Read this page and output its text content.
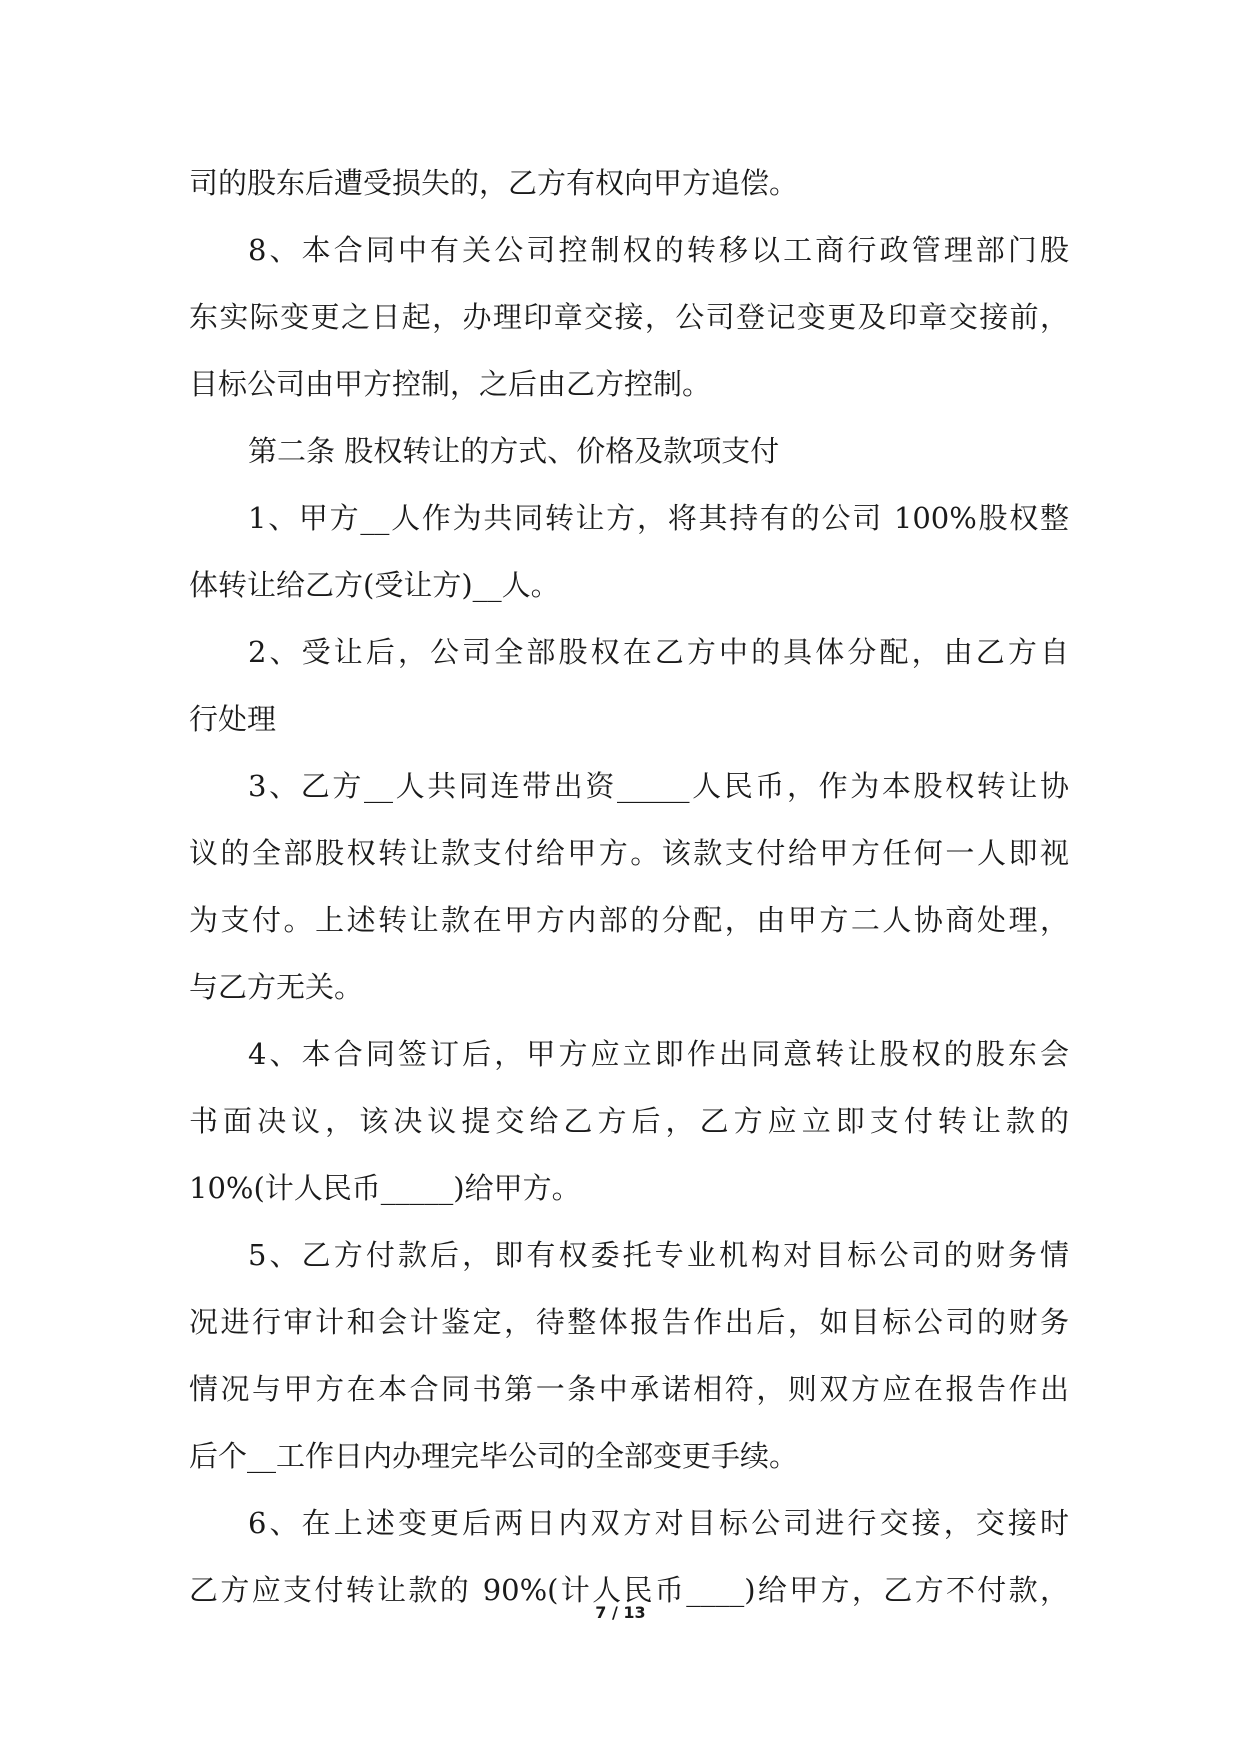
司的股东后遭受损失的，乙方有权向甲方追偿。
8、本合同中有关公司控制权的转移以工商行政管理部门股
东实际变更之日起，办理印章交接，公司登记变更及印章交接前，
目标公司由甲方控制，之后由乙方控制。
第二条 股权转让的方式、价格及款项支付
1、甲方__人作为共同转让方，将其持有的公司 100%股权整
体转让给乙方(受让方)__人。
2、受让后，公司全部股权在乙方中的具体分配，由乙方自
行处理
3、乙方__人共同连带出资_____人民币，作为本股权转让协
议的全部股权转让款支付给甲方。该款支付给甲方任何一人即视
为支付。上述转让款在甲方内部的分配，由甲方二人协商处理，
与乙方无关。
4、本合同签订后，甲方应立即作出同意转让股权的股东会
书面决议，该决议提交给乙方后，乙方应立即支付转让款的
10%(计人民币_____)给甲方。
5、乙方付款后，即有权委托专业机构对目标公司的财务情
况进行审计和会计鉴定，待整体报告作出后，如目标公司的财务
情况与甲方在本合同书第一条中承诺相符，则双方应在报告作出
后个__工作日内办理完毕公司的全部变更手续。
6、在上述变更后两日内双方对目标公司进行交接，交接时
乙方应支付转让款的 90%(计人民币____)给甲方，乙方不付款，
7 / 13
